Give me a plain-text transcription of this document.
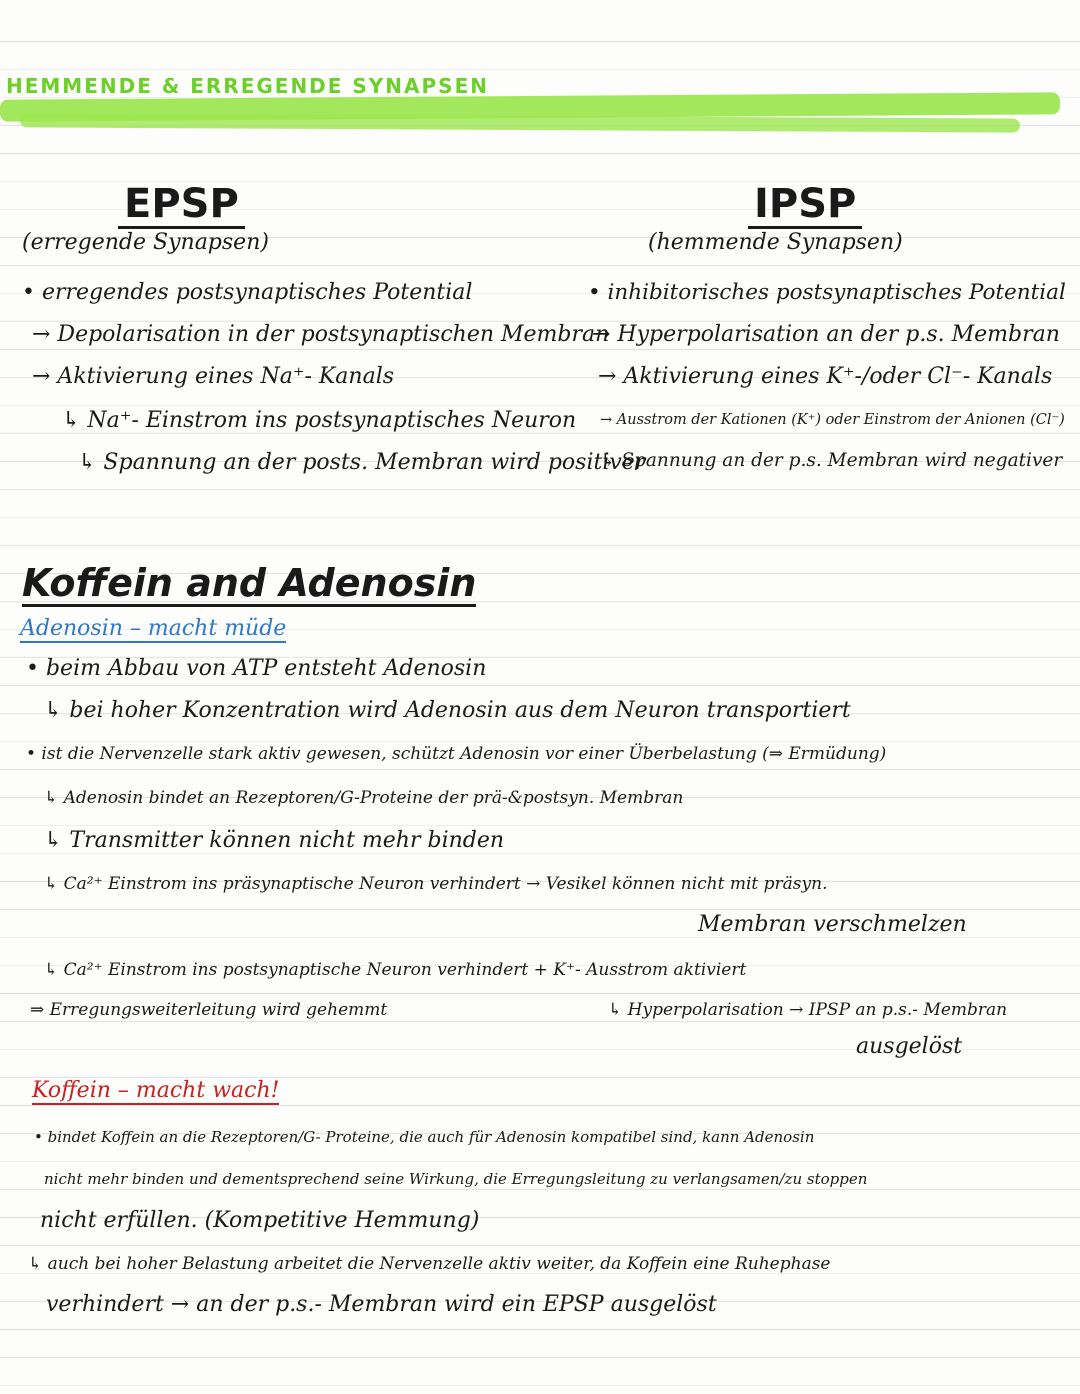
HEMMENDE & ERREGENDE SYNAPSEN
EPSP
(erregende Synapsen)
• erregendes postsynaptisches Potential
→ Depolarisation in der postsynaptischen Membran
→ Aktivierung eines Na⁺- Kanals
↳ Na⁺- Einstrom ins postsynaptisches Neuron
↳ Spannung an der posts. Membran wird positiver
IPSP
(hemmende Synapsen)
• inhibitorisches postsynaptisches Potential
→ Hyperpolarisation an der p.s. Membran
→ Aktivierung eines K⁺-/oder Cl⁻- Kanals
→ Ausstrom der Kationen (K⁺) oder Einstrom der Anionen (Cl⁻)
↳ Spannung an der p.s. Membran wird negativer
Koffein and Adenosin
Adenosin – macht müde
• beim Abbau von ATP entsteht Adenosin
↳ bei hoher Konzentration wird Adenosin aus dem Neuron transportiert
• ist die Nervenzelle stark aktiv gewesen, schützt Adenosin vor einer Überbelastung (⇒ Ermüdung)
↳ Adenosin bindet an Rezeptoren/G-Proteine der prä-&postsyn. Membran
↳ Transmitter können nicht mehr binden
↳ Ca²⁺ Einstrom ins präsynaptische Neuron verhindert → Vesikel können nicht mit präsyn.
Membran verschmelzen
↳ Ca²⁺ Einstrom ins postsynaptische Neuron verhindert + K⁺- Ausstrom aktiviert
⇒ Erregungsweiterleitung wird gehemmt	↳ Hyperpolarisation → IPSP an p.s.- Membran
ausgelöst
Koffein – macht wach!
• bindet Koffein an die Rezeptoren/G- Proteine, die auch für Adenosin kompatibel sind, kann Adenosin
nicht mehr binden und dementsprechend seine Wirkung, die Erregungsleitung zu verlangsamen/zu stoppen
nicht erfüllen. (Kompetitive Hemmung)
↳ auch bei hoher Belastung arbeitet die Nervenzelle aktiv weiter, da Koffein eine Ruhephase
verhindert → an der p.s.- Membran wird ein EPSP ausgelöst
